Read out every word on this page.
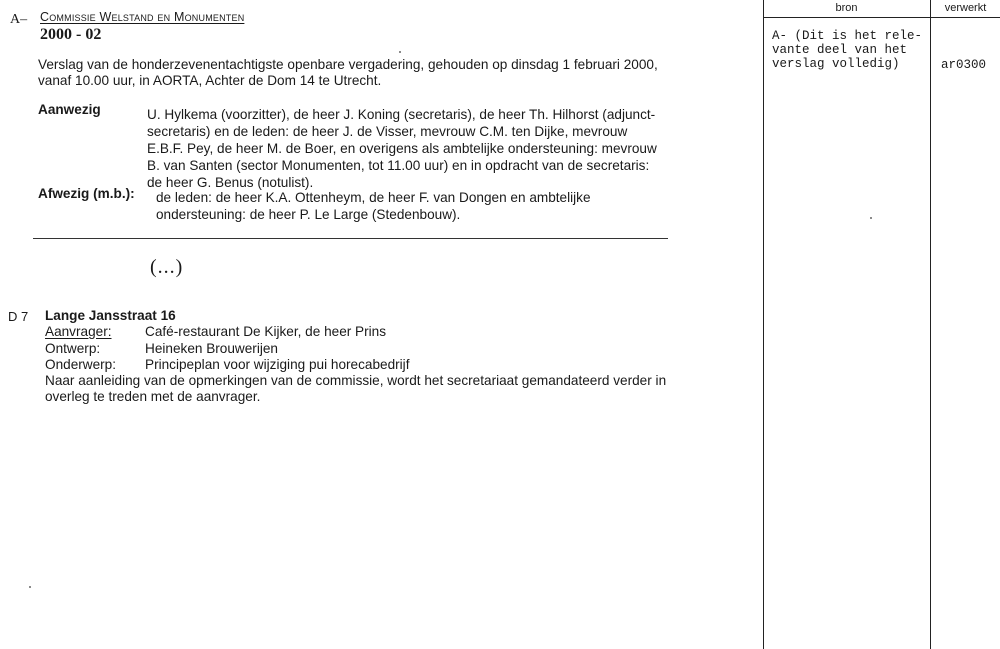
A– Commissie Welstand en Monumenten
2000 - 02
Verslag van de honderzevenentachtigste openbare vergadering, gehouden op dinsdag 1 februari 2000, vanaf 10.00 uur, in AORTA, Achter de Dom 14 te Utrecht.
Aanwezig	U. Hylkema (voorzitter), de heer J. Koning (secretaris), de heer Th. Hilhorst (adjunct-secretaris) en de leden: de heer J. de Visser, mevrouw C.M. ten Dijke, mevrouw E.B.F. Pey, de heer M. de Boer, en overigens als ambtelijke ondersteuning: mevrouw B. van Santen (sector Monumenten, tot 11.00 uur) en in opdracht van de secretaris: de heer G. Benus (notulist).
Afwezig (m.b.): de leden: de heer K.A. Ottenheym, de heer F. van Dongen en ambtelijke ondersteuning: de heer P. Le Large (Stedenbouw).
(...)
D 7 Lange Jansstraat 16
Aanvrager: Café-restaurant De Kijker, de heer Prins
Ontwerp:	Heineken Brouwerijen
Onderwerp: Principeplan voor wijziging pui horecabedrijf
Naar aanleiding van de opmerkingen van de commissie, wordt het secretariaat gemandateerd verder in overleg te treden met de aanvrager.
bron	verwerkt
A- (Dit is het rele-
vante deel van het
verslag volledig)	ar0300
